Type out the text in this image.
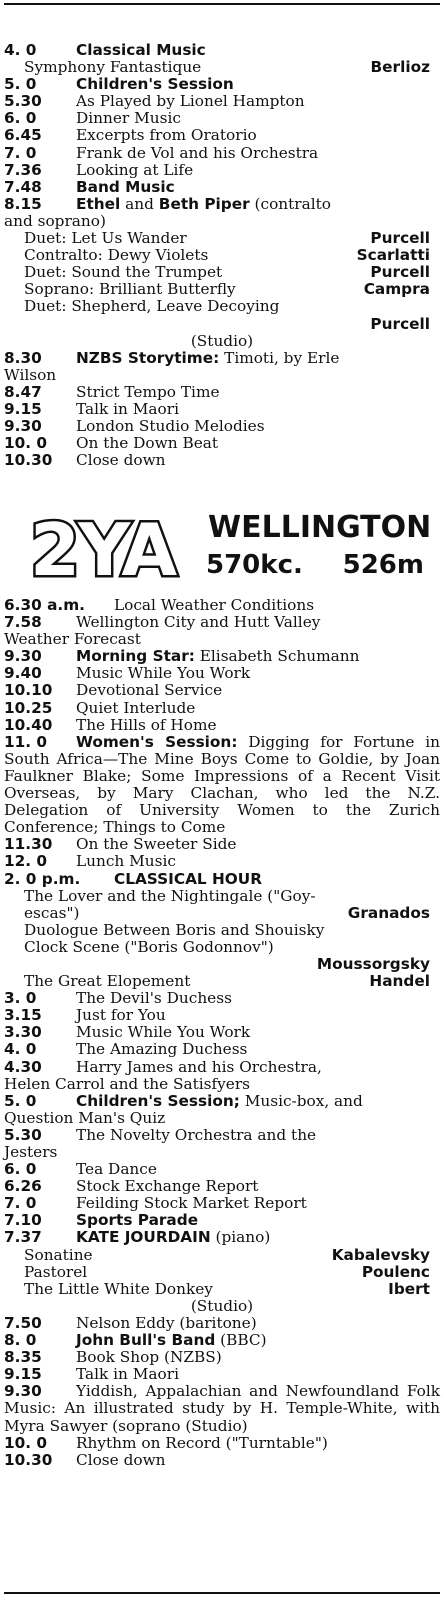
4. 0	Classical Music
Symphony Fantastique	Berlioz
5. 0	Children's Session
5.30 As Played by Lionel Hampton
6. 0	Dinner Music
6.45 Excerpts from Oratorio
7. 0	Frank de Vol and his Orchestra
7.36 Looking at Life
7.48 Band Music
8.15 Ethel and Beth Piper (contralto
and soprano)
Duet: Let Us Wander	Purcell
Contralto: Dewy Violets	Scarlatti
Duet: Sound the Trumpet	Purcell
Soprano: Brilliant Butterfly	Campra
Duet: Shepherd, Leave Decoying
Purcell
(Studio)
8.30 NZBS Storytime: Timoti, by Erle
Wilson
8.47 Strict Tempo Time
9.15 Talk in Maori
9.30 London Studio Melodies
10. 0 On the Down Beat
10.30 Close down
2YA WELLINGTON
570kc. 526m
6.30 a.m. Local Weather Conditions
7.58 Wellington City and Hutt Valley
Weather Forecast
9.30 Morning Star: Elisabeth Schumann
9.40 Music While You Work
10.10 Devotional Service
10.25 Quiet Interlude
10.40 The Hills of Home
11. 0 Women's Session: Digging for Fortune in South Africa—The Mine Boys Come to Goldie, by Joan Faulkner Blake; Some Impressions of a Recent Visit Overseas, by Mary Clachan, who led the N.Z. Delegation of University Women to the Zurich Conference; Things to Come
11.30 On the Sweeter Side
12. 0 Lunch Music
2. 0 p.m. CLASSICAL HOUR
The Lover and the Nightingale ("Goy-
escas")	Granados
Duologue Between Boris and Shouisky
Clock Scene ("Boris Godonnov")
Moussorgsky
The Great Elopement	Handel
3. 0	The Devil's Duchess
3.15 Just for You
3.30 Music While You Work
4. 0	The Amazing Duchess
4.30 Harry James and his Orchestra,
Helen Carrol and the Satisfyers
5. 0	Children's Session; Music-box, and
Question Man's Quiz
5.30 The Novelty Orchestra and the
Jesters
6. 0	Tea Dance
6.26 Stock Exchange Report
7. 0	Feilding Stock Market Report
7.10 Sports Parade
7.37 KATE JOURDAIN (piano)
Sonatine	Kabalevsky
Pastorel	Poulenc
The Little White Donkey	Ibert
(Studio)
7.50 Nelson Eddy (baritone)
8. 0	John Bull's Band (BBC)
8.35 Book Shop (NZBS)
9.15 Talk in Maori
9.30 Yiddish, Appalachian and Newfoundland Folk Music: An illustrated study by H. Temple-White, with Myra Sawyer (soprano (Studio)
10. 0 Rhythm on Record ("Turntable")
10.30 Close down
